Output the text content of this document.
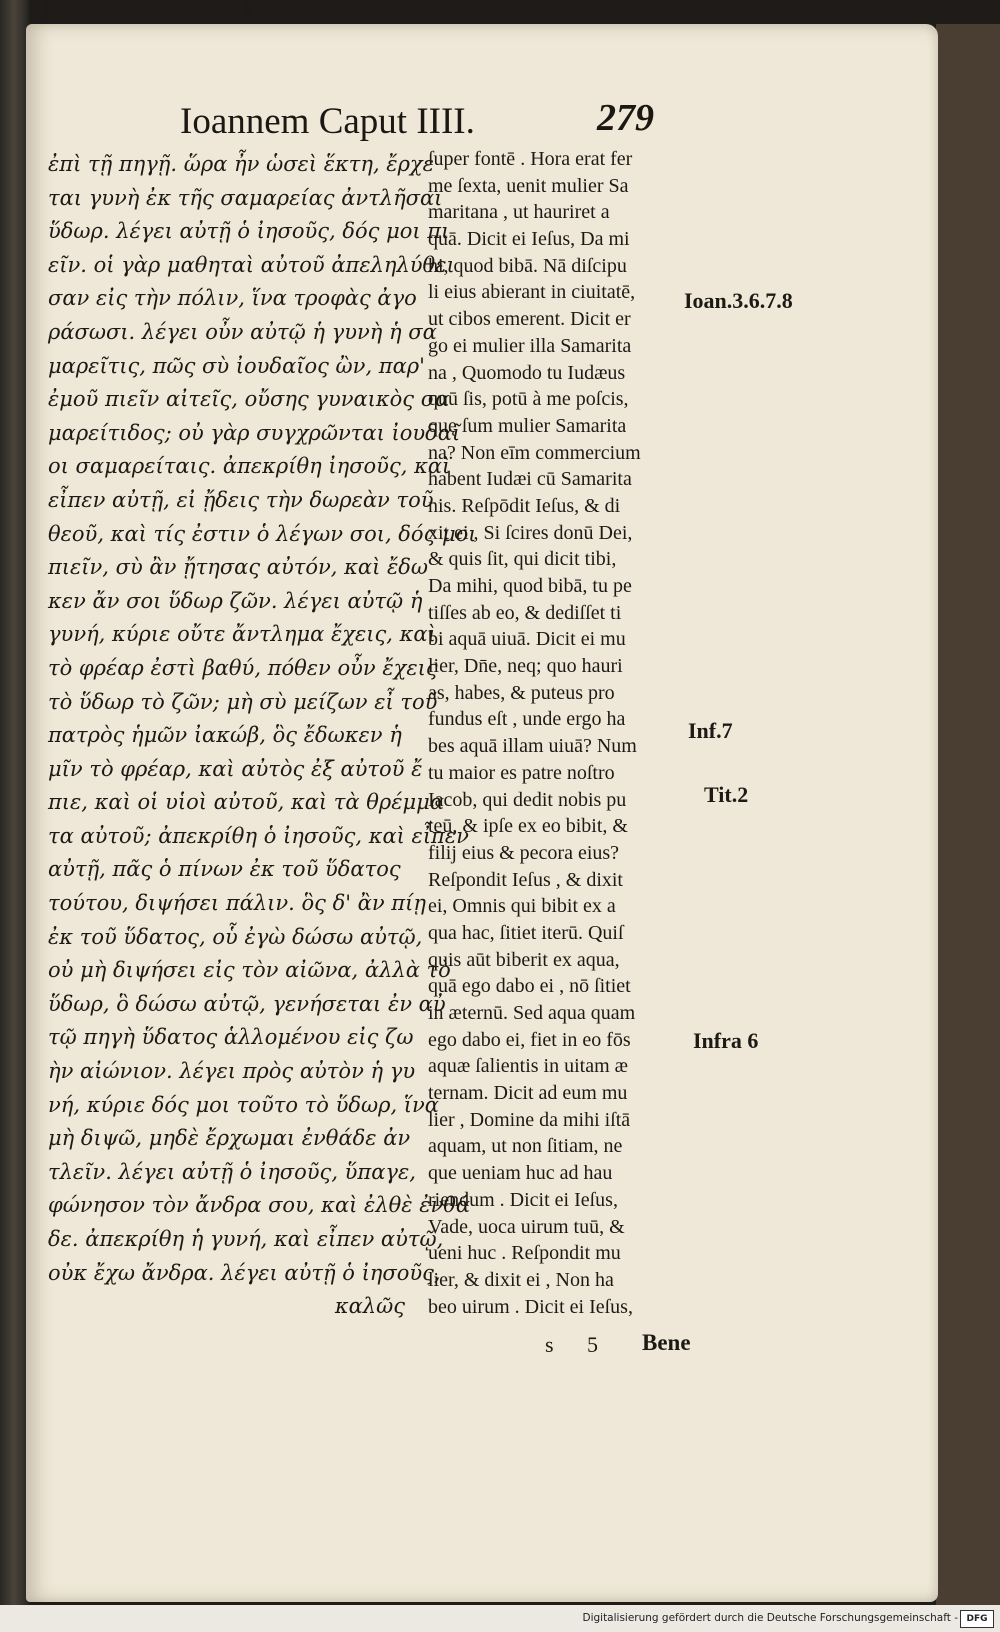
1 1
Ioannem Caput IIII.	279
ἐπὶ τῇ πηγῇ. ὥρα ἦν ὡσεὶ ἕκτη, ἔρχε
ται γυνὴ ἐκ τῆς σαμαρείας ἀντλῆσαι
ὕδωρ. λέγει αὐτῇ ὁ ἰησοῦς, δός μοι πι
εῖν. οἱ γὰρ μαθηταὶ αὐτοῦ ἀπεληλύθει
σαν εἰς τὴν πόλιν, ἵνα τροφὰς ἀγο
ράσωσι. λέγει οὖν αὐτῷ ἡ γυνὴ ἡ σα
μαρεῖτις, πῶς σὺ ἰουδαῖος ὢν, παρ'
ἐμοῦ πιεῖν αἰτεῖς, οὔσης γυναικὸς σα
μαρείτιδος; οὐ γὰρ συγχρῶνται ἰουδαῖ
οι σαμαρείταις. ἀπεκρίθη ἰησοῦς, καὶ
εἶπεν αὐτῇ, εἰ ᾔδεις τὴν δωρεὰν τοῦ
θεοῦ, καὶ τίς ἐστιν ὁ λέγων σοι, δός μοι
πιεῖν, σὺ ἂν ᾔτησας αὐτόν, καὶ ἔδω
κεν ἄν σοι ὕδωρ ζῶν. λέγει αὐτῷ ἡ
γυνή, κύριε οὔτε ἄντλημα ἔχεις, καὶ
τὸ φρέαρ ἐστὶ βαθύ, πόθεν οὖν ἔχεις
τὸ ὕδωρ τὸ ζῶν; μὴ σὺ μείζων εἶ τοῦ
πατρὸς ἡμῶν ἰακώβ, ὃς ἔδωκεν ἡ
μῖν τὸ φρέαρ, καὶ αὐτὸς ἐξ αὐτοῦ ἔ
πιε, καὶ οἱ υἱοὶ αὐτοῦ, καὶ τὰ θρέμμα
τα αὐτοῦ; ἀπεκρίθη ὁ ἰησοῦς, καὶ εἶπεν
αὐτῇ, πᾶς ὁ πίνων ἐκ τοῦ ὕδατος
τούτου, διψήσει πάλιν. ὃς δ' ἂν πίῃ
ἐκ τοῦ ὕδατος, οὗ ἐγὼ δώσω αὐτῷ,
οὐ μὴ διψήσει εἰς τὸν αἰῶνα, ἀλλὰ τὸ
ὕδωρ, ὃ δώσω αὐτῷ, γενήσεται ἐν αὐ
τῷ πηγὴ ὕδατος ἁλλομένου εἰς ζω
ὴν αἰώνιον. λέγει πρὸς αὐτὸν ἡ γυ
νή, κύριε δός μοι τοῦτο τὸ ὕδωρ, ἵνα
μὴ διψῶ, μηδὲ ἔρχωμαι ἐνθάδε ἀν
τλεῖν. λέγει αὐτῇ ὁ ἰησοῦς, ὕπαγε,
φώνησον τὸν ἄνδρα σου, καὶ ἐλθὲ ἐνθά
δε. ἀπεκρίθη ἡ γυνή, καὶ εἶπεν αὐτῷ,
οὐκ ἔχω ἄνδρα. λέγει αὐτῇ ὁ ἰησοῦς,
καλῶς
ſuper fontē . Hora erat fer
me ſexta, uenit mulier Sa
maritana , ut hauriret a
quā. Dicit ei Ieſus, Da mi
hi, quod bibā. Nā diſcipu
li eius abierant in ciuitatē,
ut cibos emerent. Dicit er
go ei mulier illa Samarita
na , Quomodo tu Iudæus
quū ſis, potū à me poſcis,
quę ſum mulier Samarita
na? Non eīm commercium
habent Iudæi cū Samarita
nis. Reſpōdit Ieſus, & di
xit ei , Si ſcires donū Dei,
& quis ſit, qui dicit tibi,
Da mihi, quod bibā, tu pe
tiſſes ab eo, & dediſſet ti
bi aquā uiuā. Dicit ei mu
lier, Dn̄e, neq; quo hauri
as, habes, & puteus pro
fundus eſt , unde ergo ha
bes aquā illam uiuā? Num
tu maior es patre noſtro
Iacob, qui dedit nobis pu
teū, & ipſe ex eo bibit, &
filij eius & pecora eius?
Reſpondit Ieſus , & dixit
ei, Omnis qui bibit ex a
qua hac, ſitiet iterū. Quiſ
quis aūt biberit ex aqua,
quā ego dabo ei , nō ſitiet
in æternū. Sed aqua quam
ego dabo ei, fiet in eo fōs
aquæ ſalientis in uitam æ
ternam. Dicit ad eum mu
lier , Domine da mihi iſtā
aquam, ut non ſitiam, ne
que ueniam huc ad hau
riendum . Dicit ei Ieſus,
Vade, uoca uirum tuū, &
ueni huc . Reſpondit mu
lier, & dixit ei , Non ha
beo uirum . Dicit ei Ieſus,
Ioan.3.6.7.8
Inf.7
Tit.2
Infra 6
s 5 Bene
Digitalisierung gefördert durch die Deutsche Forschungsgemeinschaft - DFG
